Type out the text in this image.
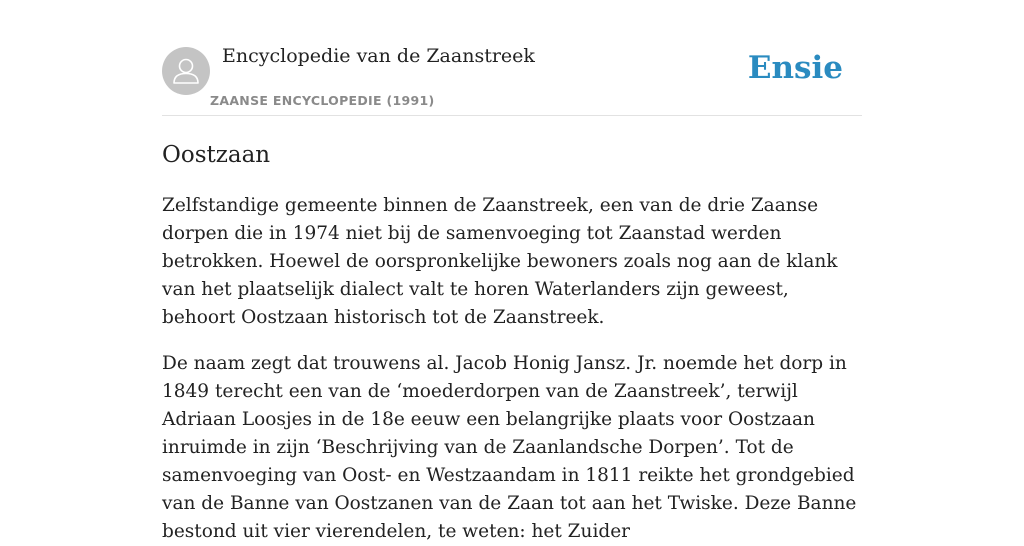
Encyclopedie van de Zaanstreek
ZAANSE ENCYCLOPEDIE (1991)
Ensie
Oostzaan

Zelfstandige gemeente binnen de Zaanstreek, een van de drie Zaanse dorpen die in 1974 niet bij de samenvoeging tot Zaanstad werden betrokken. Hoewel de oorspronkelijke bewoners zoals nog aan de klank van het plaatselijk dialect valt te horen Waterlanders zijn geweest, behoort Oostzaan historisch tot de Zaanstreek.

De naam zegt dat trouwens al. Jacob Honig Jansz. Jr. noemde het dorp in 1849 terecht een van de ‘moederdorpen van de Zaanstreek’, terwijl Adriaan Loosjes in de 18e eeuw een belangrijke plaats voor Oostzaan inruimde in zijn ‘Beschrijving van de Zaanlandsche Dorpen’. Tot de samenvoeging van Oost- en Westzaandam in 1811 reikte het grondgebied van de Banne van Oostzanen van de Zaan tot aan het Twiske. Deze Banne bestond uit vier vierendelen, te weten: het Zuider
